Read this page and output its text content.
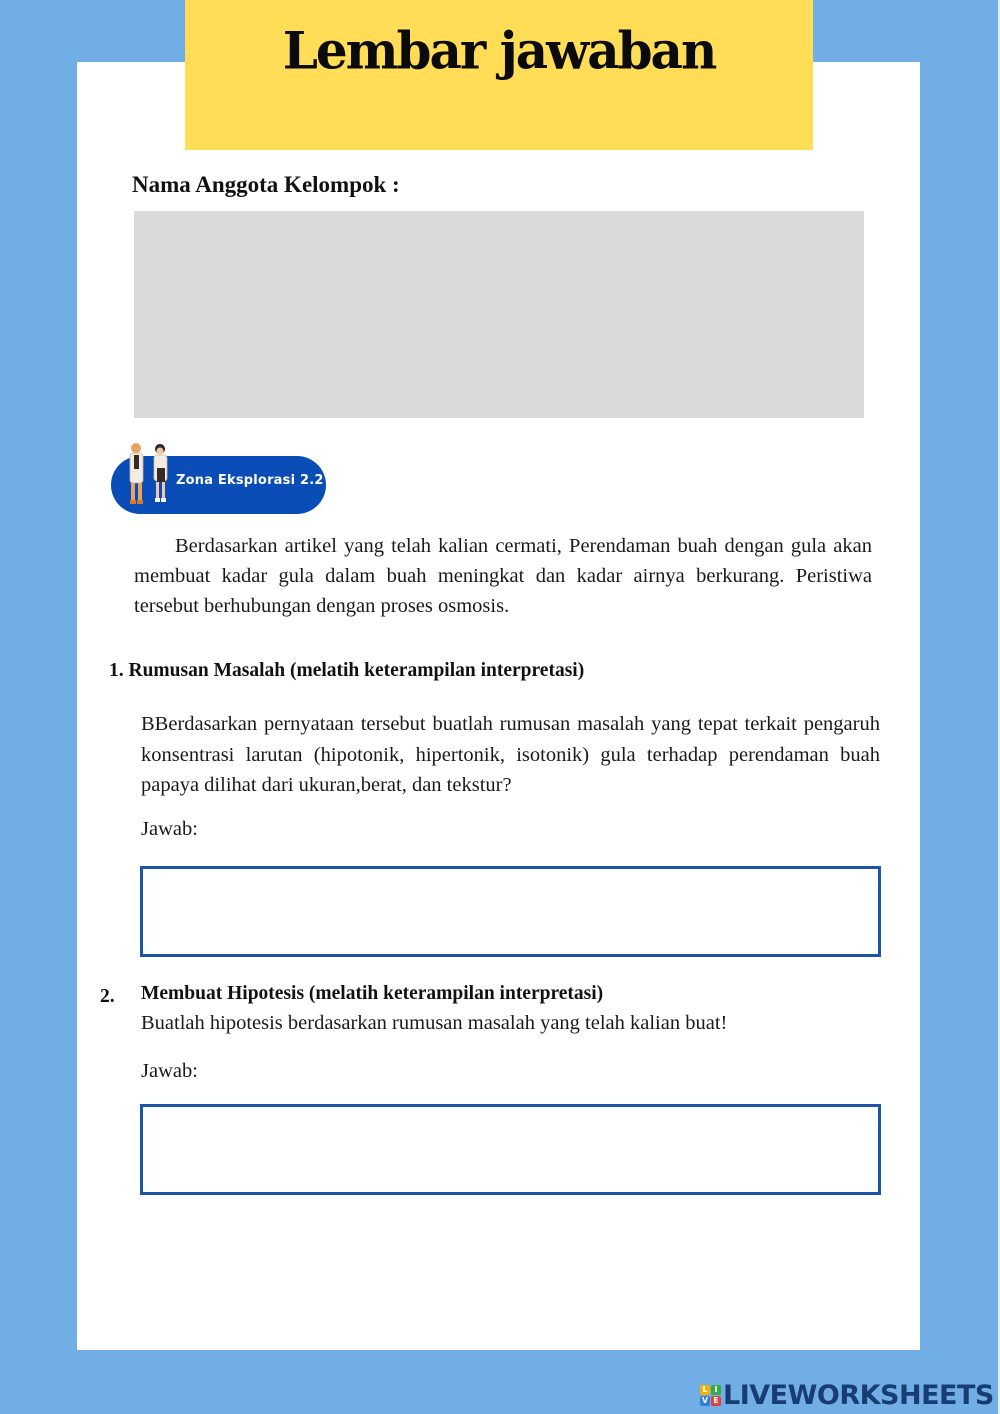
Lembar jawaban
Nama Anggota Kelompok :
Zona Eksplorasi 2.2
Berdasarkan artikel yang telah kalian cermati, Perendaman buah dengan gula akan membuat kadar gula dalam buah meningkat dan kadar airnya berkurang. Peristiwa tersebut berhubungan dengan proses osmosis.
1. Rumusan Masalah (melatih keterampilan interpretasi)
BBerdasarkan pernyataan tersebut buatlah rumusan masalah yang tepat terkait pengaruh konsentrasi larutan (hipotonik, hipertonik, isotonik) gula terhadap perendaman buah papaya dilihat dari ukuran,berat, dan tekstur?
Jawab:
2. Membuat Hipotesis (melatih keterampilan interpretasi)
Buatlah hipotesis berdasarkan rumusan masalah yang telah kalian buat!
Jawab:
L I
V E LIVEWORKSHEETS
